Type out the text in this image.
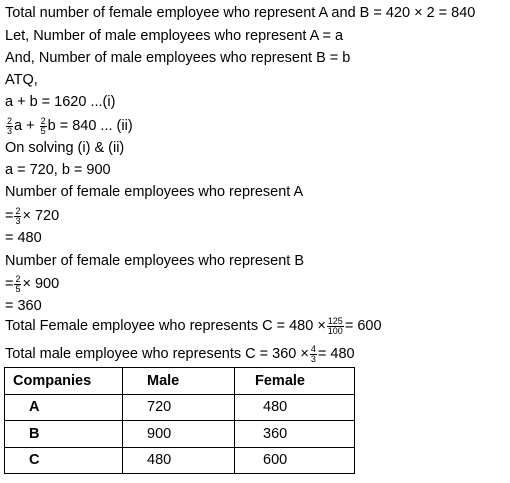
Total number of female employee who represent A and B = 420 × 2 = 840
Let, Number of male employees who represent A = a
And, Number of male employees who represent B = b
ATQ,
a + b = 1620 ...(i)
$\frac{2}{3}$ $a + \frac{2}{5}$ b = 840 ... (ii)
On solving (i) & (ii)
a = 720, b = 900
Number of female employees who represent A
= $\frac{2}{3} \times 720$
= 480
Number of female employees who represent B
= $\frac{2}{5} \times 900$
= 360
Total Female employee who represents $C = 480 \times \frac{125}{100} = 600$
Total male employee who represents $C = 360 \times \frac{4}{3} = 480$
Companies	Male	Female
A	720	480
B	900	360
C	480	600
